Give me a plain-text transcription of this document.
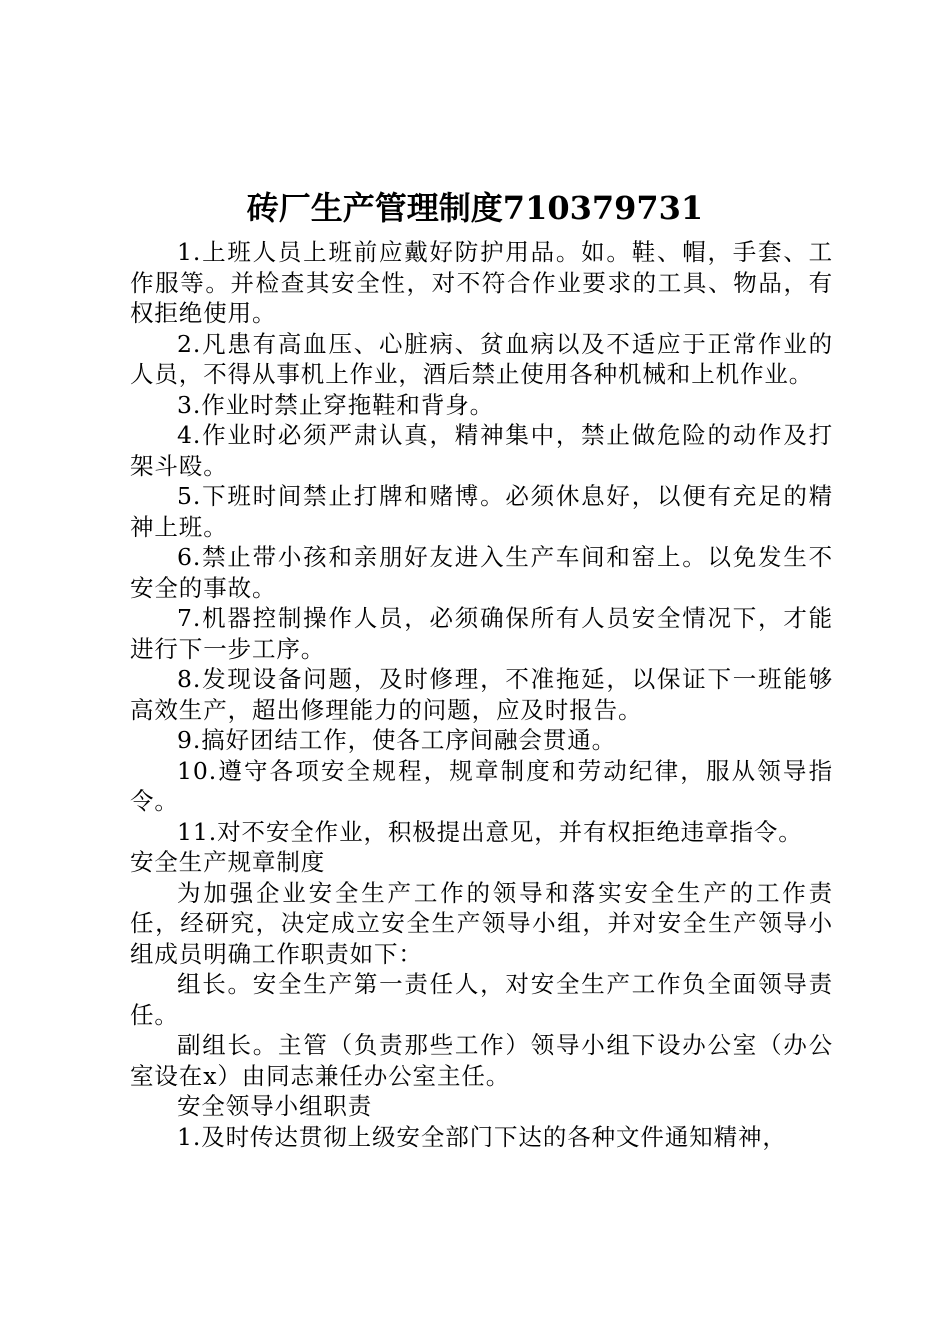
砖厂生产管理制度710379731

1.上班人员上班前应戴好防护用品。如。鞋、帽，手套、工作服等。并检查其安全性，对不符合作业要求的工具、物品，有权拒绝使用。

2.凡患有高血压、心脏病、贫血病以及不适应于正常作业的人员，不得从事机上作业，酒后禁止使用各种机械和上机作业。

3.作业时禁止穿拖鞋和背身。

4.作业时必须严肃认真，精神集中，禁止做危险的动作及打架斗殴。

5.下班时间禁止打牌和赌博。必须休息好，以便有充足的精神上班。

6.禁止带小孩和亲朋好友进入生产车间和窑上。以免发生不安全的事故。

7.机器控制操作人员，必须确保所有人员安全情况下，才能进行下一步工序。

8.发现设备问题，及时修理，不准拖延，以保证下一班能够高效生产，超出修理能力的问题，应及时报告。

9.搞好团结工作，使各工序间融会贯通。

10.遵守各项安全规程，规章制度和劳动纪律，服从领导指令。

11.对不安全作业，积极提出意见，并有权拒绝违章指令。

安全生产规章制度

为加强企业安全生产工作的领导和落实安全生产的工作责任，经研究，决定成立安全生产领导小组，并对安全生产领导小组成员明确工作职责如下：

组长。安全生产第一责任人，对安全生产工作负全面领导责任。

副组长。主管（负责那些工作）领导小组下设办公室（办公室设在x）由同志兼任办公室主任。

安全领导小组职责

1.及时传达贯彻上级安全部门下达的各种文件通知精神，
